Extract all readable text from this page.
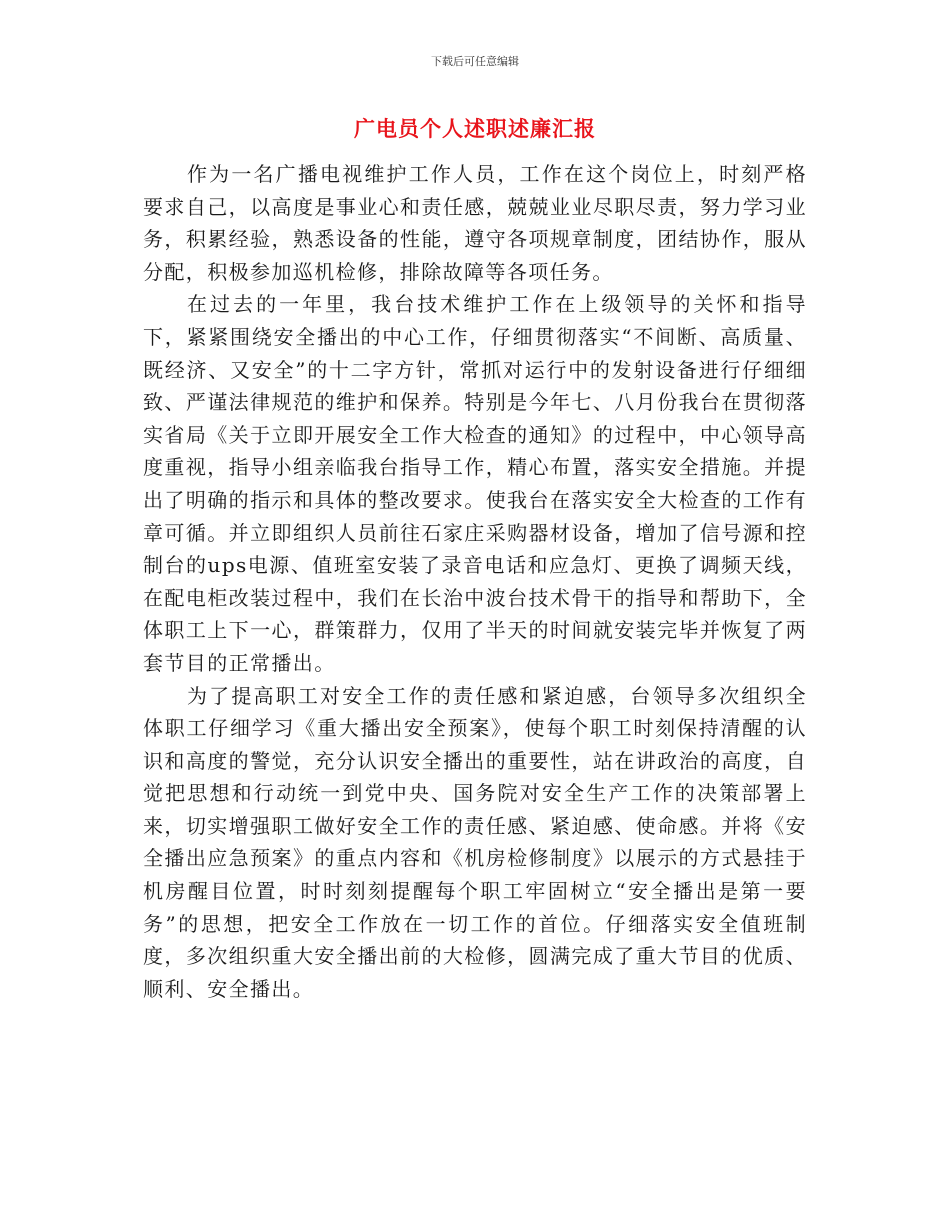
下载后可任意编辑
广电员个人述职述廉汇报

作为一名广播电视维护工作人员，工作在这个岗位上，时刻严格要求自己，以高度是事业心和责任感，兢兢业业尽职尽责，努力学习业务，积累经验，熟悉设备的性能，遵守各项规章制度，团结协作，服从分配，积极参加巡机检修，排除故障等各项任务。

在过去的一年里，我台技术维护工作在上级领导的关怀和指导下，紧紧围绕安全播出的中心工作，仔细贯彻落实“不间断、高质量、既经济、又安全”的十二字方针，常抓对运行中的发射设备进行仔细细致、严谨法律规范的维护和保养。特别是今年七、八月份我台在贯彻落实省局《关于立即开展安全工作大检查的通知》的过程中，中心领导高度重视，指导小组亲临我台指导工作，精心布置，落实安全措施。并提出了明确的指示和具体的整改要求。使我台在落实安全大检查的工作有章可循。并立即组织人员前往石家庄采购器材设备，增加了信号源和控制台的ups电源、值班室安装了录音电话和应急灯、更换了调频天线，在配电柜改装过程中，我们在长治中波台技术骨干的指导和帮助下，全体职工上下一心，群策群力，仅用了半天的时间就安装完毕并恢复了两套节目的正常播出。

为了提高职工对安全工作的责任感和紧迫感，台领导多次组织全体职工仔细学习《重大播出安全预案》，使每个职工时刻保持清醒的认识和高度的警觉，充分认识安全播出的重要性，站在讲政治的高度，自觉把思想和行动统一到党中央、国务院对安全生产工作的决策部署上来，切实增强职工做好安全工作的责任感、紧迫感、使命感。并将《安全播出应急预案》的重点内容和《机房检修制度》以展示的方式悬挂于机房醒目位置，时时刻刻提醒每个职工牢固树立“安全播出是第一要务”的思想，把安全工作放在一切工作的首位。仔细落实安全值班制度，多次组织重大安全播出前的大检修，圆满完成了重大节目的优质、顺利、安全播出。
